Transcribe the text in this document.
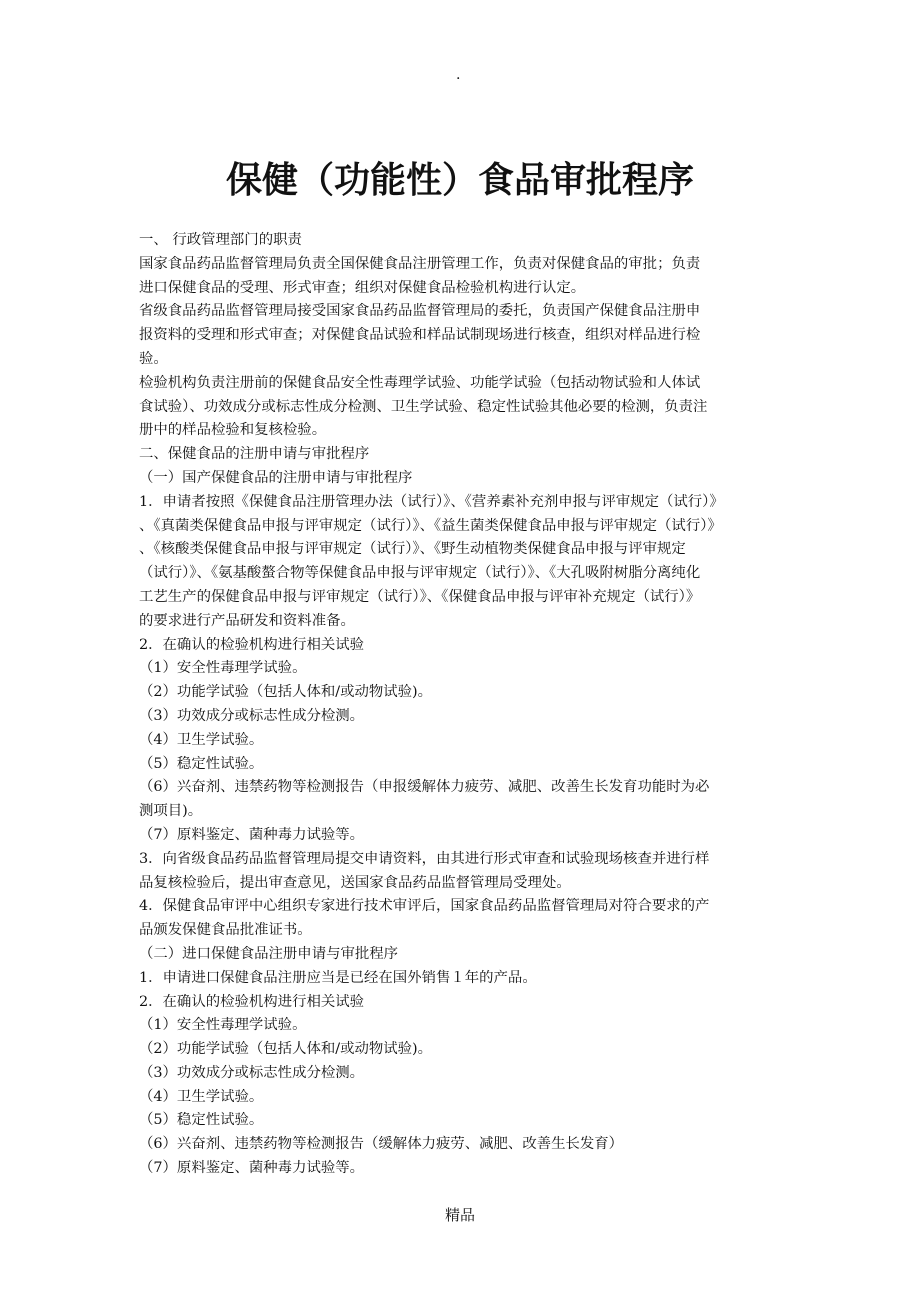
.
保健（功能性）食品审批程序
一、 行政管理部门的职责
国家食品药品监督管理局负责全国保健食品注册管理工作，负责对保健食品的审批；负责
进口保健食品的受理、形式审查；组织对保健食品检验机构进行认定。
省级食品药品监督管理局接受国家食品药品监督管理局的委托，负责国产保健食品注册申
报资料的受理和形式审查；对保健食品试验和样品试制现场进行核查，组织对样品进行检
验。
检验机构负责注册前的保健食品安全性毒理学试验、功能学试验（包括动物试验和人体试
食试验）、功效成分或标志性成分检测、卫生学试验、稳定性试验其他必要的检测，负责注
册中的样品检验和复核检验。
二、保健食品的注册申请与审批程序
（一）国产保健食品的注册申请与审批程序
1．申请者按照《保健食品注册管理办法（试行）》、《营养素补充剂申报与评审规定（试行）》
、《真菌类保健食品申报与评审规定（试行）》、《益生菌类保健食品申报与评审规定（试行）》
、《核酸类保健食品申报与评审规定（试行）》、《野生动植物类保健食品申报与评审规定
（试行）》、《氨基酸螯合物等保健食品申报与评审规定（试行）》、《大孔吸附树脂分离纯化
工艺生产的保健食品申报与评审规定（试行）》、《保健食品申报与评审补充规定（试行）》
的要求进行产品研发和资料准备。
2．在确认的检验机构进行相关试验
（1）安全性毒理学试验。
（2）功能学试验（包括人体和/或动物试验)。
（3）功效成分或标志性成分检测。
（4）卫生学试验。
（5）稳定性试验。
（6）兴奋剂、违禁药物等检测报告（申报缓解体力疲劳、减肥、改善生长发育功能时为必
测项目)。
（7）原料鉴定、菌种毒力试验等。
3．向省级食品药品监督管理局提交申请资料，由其进行形式审查和试验现场核查并进行样
品复核检验后，提出审查意见，送国家食品药品监督管理局受理处。
4．保健食品审评中心组织专家进行技术审评后，国家食品药品监督管理局对符合要求的产
品颁发保健食品批准证书。
（二）进口保健食品注册申请与审批程序
1．申请进口保健食品注册应当是已经在国外销售１年的产品。
2．在确认的检验机构进行相关试验
（1）安全性毒理学试验。
（2）功能学试验（包括人体和/或动物试验)。
（3）功效成分或标志性成分检测。
（4）卫生学试验。
（5）稳定性试验。
（6）兴奋剂、违禁药物等检测报告（缓解体力疲劳、减肥、改善生长发育）
（7）原料鉴定、菌种毒力试验等。
精品
